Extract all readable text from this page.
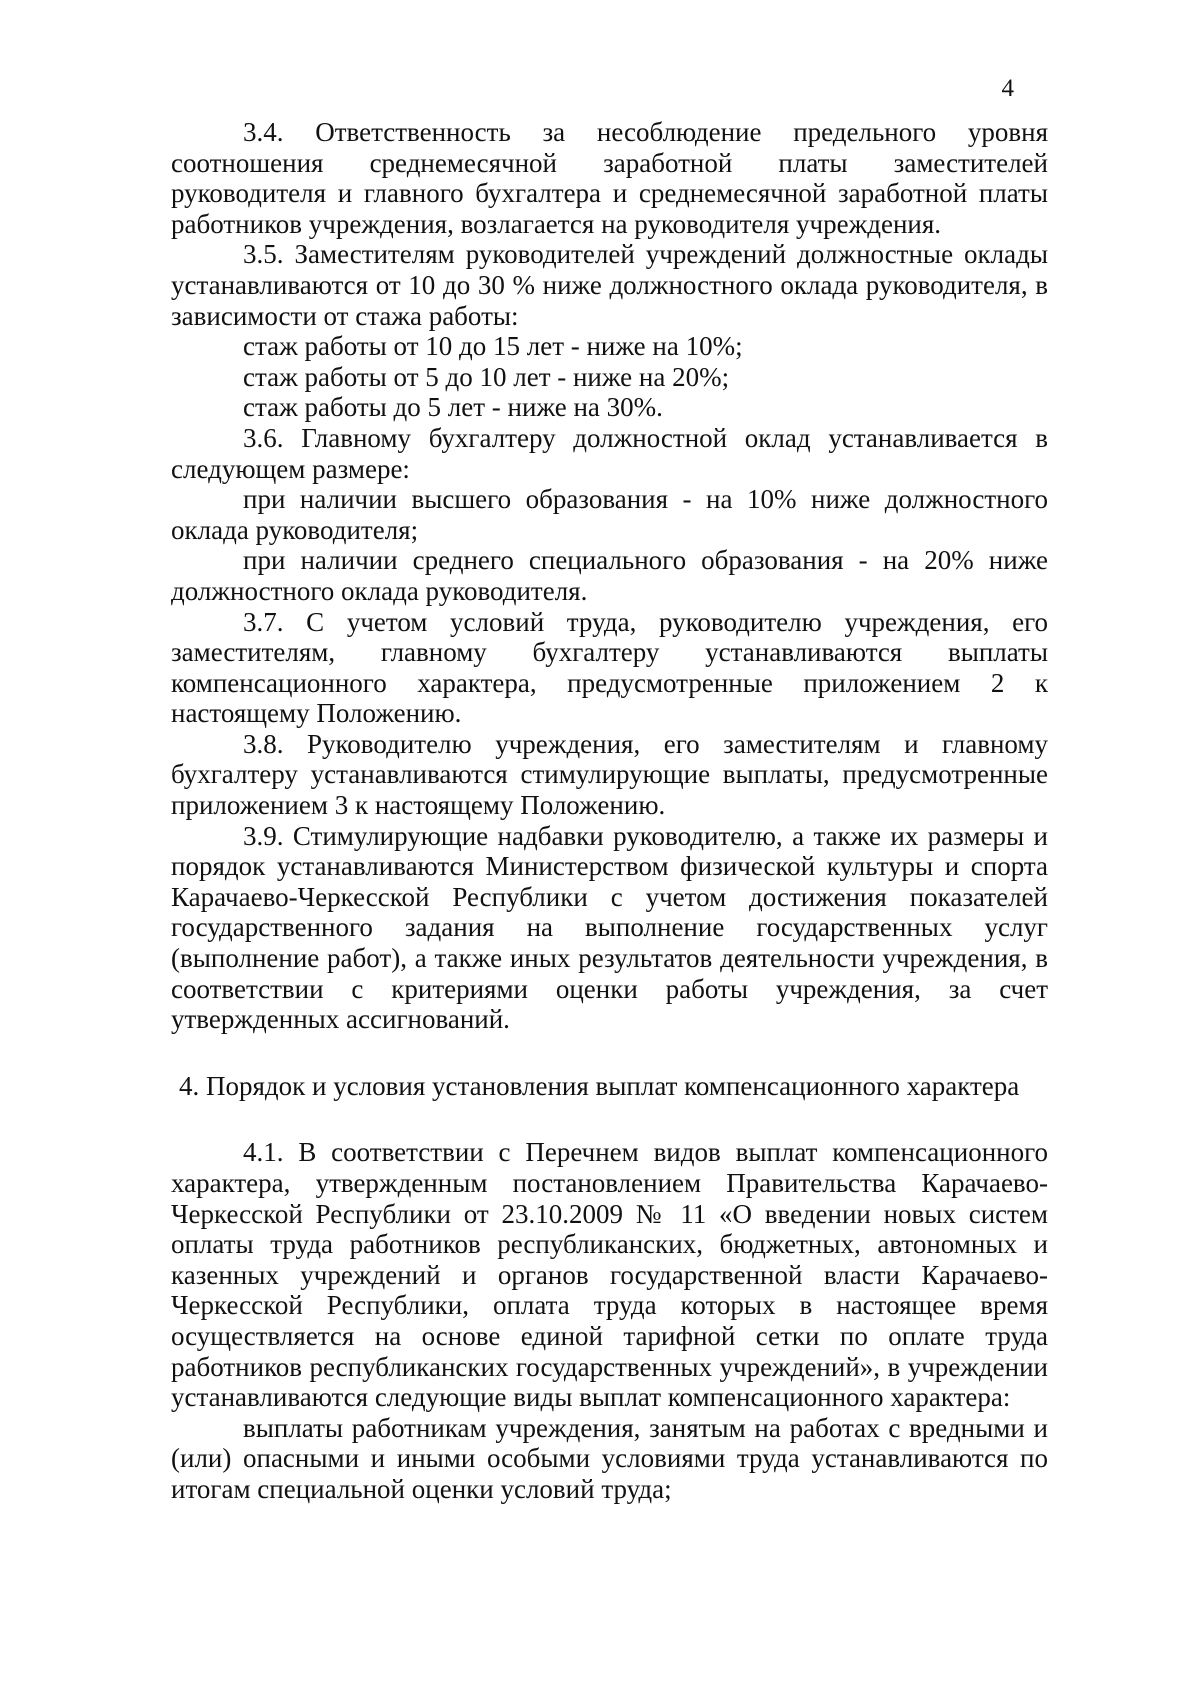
4

3.4. Ответственность за несоблюдение предельного уровня соотношения среднемесячной заработной платы заместителей руководителя и главного бухгалтера и среднемесячной заработной платы работников учреждения, возлагается на руководителя учреждения.

3.5. Заместителям руководителей учреждений должностные оклады устанавливаются от 10 до 30 % ниже должностного оклада руководителя, в зависимости от стажа работы:

стаж работы от 10 до 15 лет - ниже на 10%;

стаж работы от 5 до 10 лет - ниже на 20%;

стаж работы до 5 лет - ниже на 30%.

3.6. Главному бухгалтеру должностной оклад устанавливается в следующем размере:

при наличии высшего образования - на 10% ниже должностного оклада руководителя;

при наличии среднего специального образования - на 20% ниже должностного оклада руководителя.

3.7. С учетом условий труда, руководителю учреждения, его заместителям, главному бухгалтеру устанавливаются выплаты компенсационного характера, предусмотренные приложением 2 к настоящему Положению.

3.8. Руководителю учреждения, его заместителям и главному бухгалтеру устанавливаются стимулирующие выплаты, предусмотренные приложением 3 к настоящему Положению.

3.9. Стимулирующие надбавки руководителю, а также их размеры и порядок устанавливаются Министерством физической культуры и спорта Карачаево-Черкесской Республики с учетом достижения показателей государственного задания на выполнение государственных услуг (выполнение работ), а также иных результатов деятельности учреждения, в соответствии с критериями оценки работы учреждения, за счет утвержденных ассигнований.

4. Порядок и условия установления выплат компенсационного характера

4.1. В соответствии с Перечнем видов выплат компенсационного характера, утвержденным постановлением Правительства Карачаево-Черкесской Республики от 23.10.2009 № 11 «О введении новых систем оплаты труда работников республиканских, бюджетных, автономных и казенных учреждений и органов государственной власти Карачаево-Черкесской Республики, оплата труда которых в настоящее время осуществляется на основе единой тарифной сетки по оплате труда работников республиканских государственных учреждений», в учреждении устанавливаются следующие виды выплат компенсационного характера:

выплаты работникам учреждения, занятым на работах с вредными и (или) опасными и иными особыми условиями труда устанавливаются по итогам специальной оценки условий труда;
